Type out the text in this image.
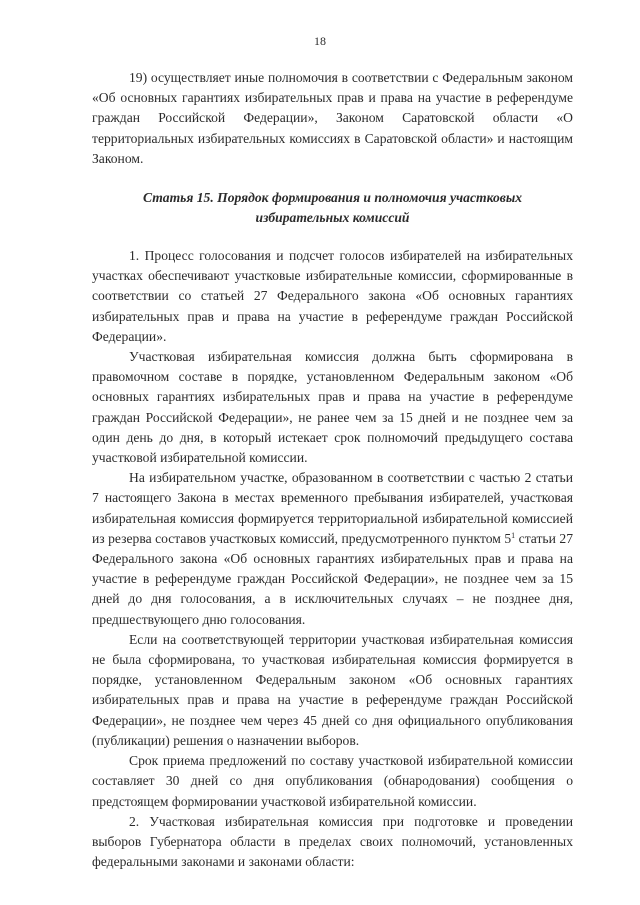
18

19) осуществляет иные полномочия в соответствии с Федеральным законом «Об основных гарантиях избирательных прав и права на участие в референдуме граждан Российской Федерации», Законом Саратовской области «О территориальных избирательных комиссиях в Саратовской области» и настоящим Законом.

Статья 15. Порядок формирования и полномочия участковых
избирательных комиссий

1. Процесс голосования и подсчет голосов избирателей на избирательных участках обеспечивают участковые избирательные комиссии, сформированные в соответствии со статьей 27 Федерального закона «Об основных гарантиях избирательных прав и права на участие в референдуме граждан Российской Федерации».

Участковая избирательная комиссия должна быть сформирована в правомочном составе в порядке, установленном Федеральным законом «Об основных гарантиях избирательных прав и права на участие в референдуме граждан Российской Федерации», не ранее чем за 15 дней и не позднее чем за один день до дня, в который истекает срок полномочий предыдущего состава участковой избирательной комиссии.

На избирательном участке, образованном в соответствии с частью 2 статьи 7 настоящего Закона в местах временного пребывания избирателей, участковая избирательная комиссия формируется территориальной избирательной комиссией из резерва составов участковых комиссий, предусмотренного пунктом $5^1$ статьи 27 Федерального закона «Об основных гарантиях избирательных прав и права на участие в референдуме граждан Российской Федерации», не позднее чем за 15 дней до дня голосования, а в исключительных случаях – не позднее дня, предшествующего дню голосования.

Если на соответствующей территории участковая избирательная комиссия не была сформирована, то участковая избирательная комиссия формируется в порядке, установленном Федеральным законом «Об основных гарантиях избирательных прав и права на участие в референдуме граждан Российской Федерации», не позднее чем через 45 дней со дня официального опубликования (публикации) решения о назначении выборов.

Срок приема предложений по составу участковой избирательной комиссии составляет 30 дней со дня опубликования (обнародования) сообщения о предстоящем формировании участковой избирательной комиссии.

2. Участковая избирательная комиссия при подготовке и проведении выборов Губернатора области в пределах своих полномочий, установленных федеральными законами и законами области:
